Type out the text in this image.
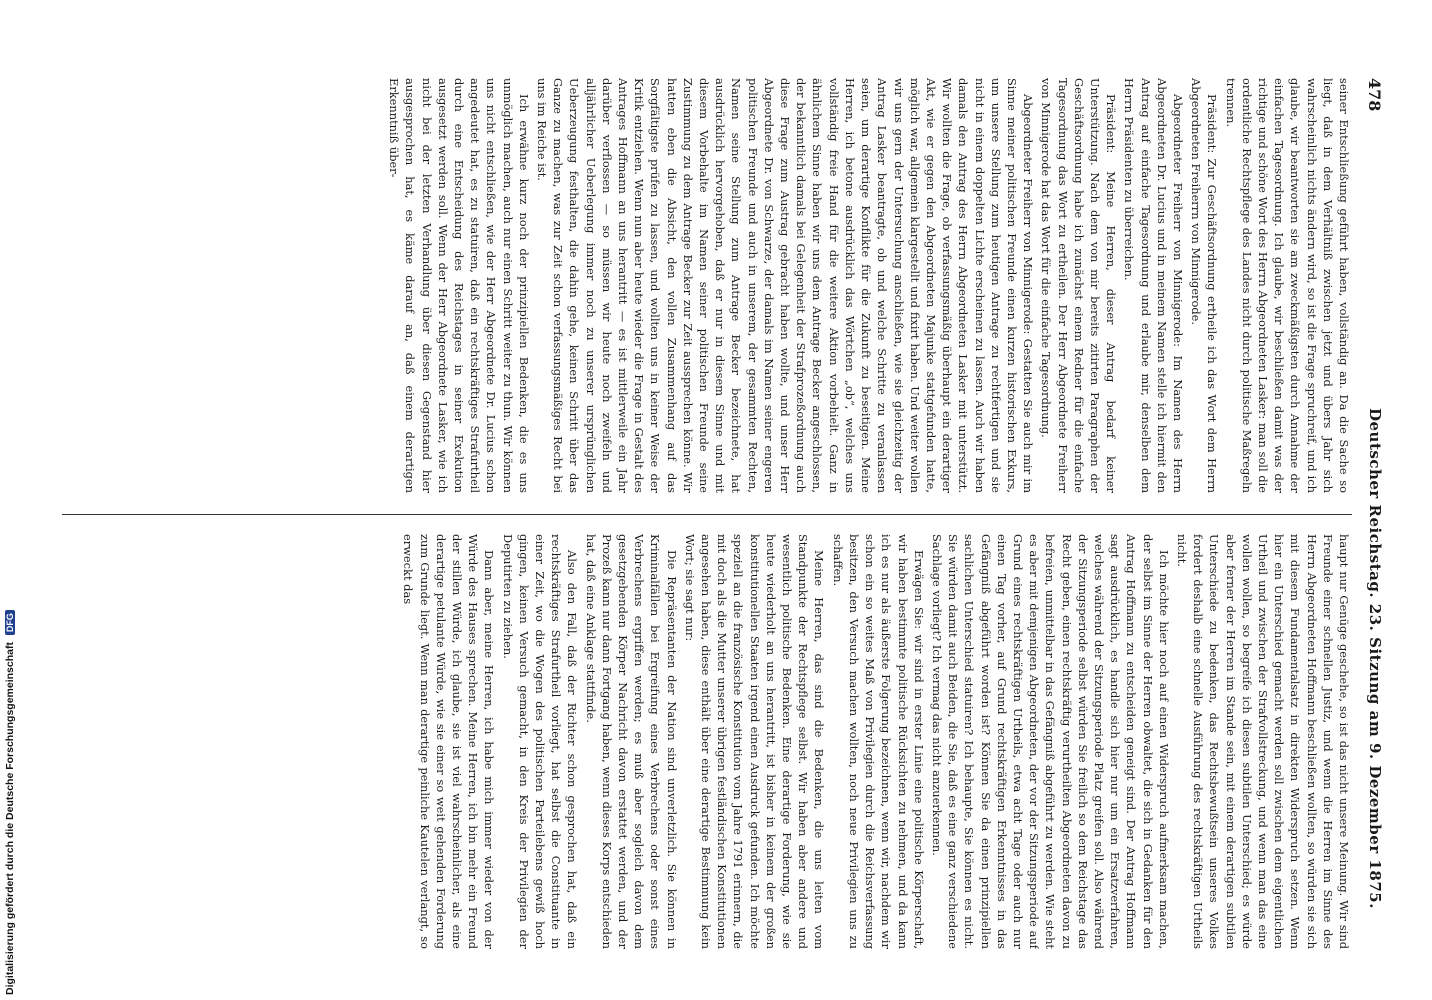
478
Deutscher Reichstag. 23. Sitzung am 9. Dezember 1875.

seiner Entschließung geführt haben, vollständig an. Da die Sache so liegt, daß in dem Verhältniß zwischen jetzt und übers Jahr sich wahrscheinlich nichts ändern wird, so ist die Frage spruchreif, und ich glaube, wir beantworten sie am zweckmäßigsten durch Annahme der einfachen Tagesordnung. Ich glaube, wir beschließen damit was der richtige und schöne Wort des Herrn Abgeordneten Lasker: man soll die ordentliche Rechtspflege des Landes nicht durch politische Maßregeln trennen.

Präsident: Zur Geschäftsordnung ertheile ich das Wort dem Herrn Abgeordneten Freiherrn von Minnigerode.

Abgeordneter Freiherr von Minnigerode: Im Namen des Herrn Abgeordneten Dr. Lucius und in meinem Namen stelle ich hiermit den Antrag auf einfache Tagesordnung und erlaube mir, denselben dem Herrn Präsidenten zu überreichen.

Präsident: Meine Herren, dieser Antrag bedarf keiner Unterstützung. Nach dem von mir bereits zitirten Paragraphen der Geschäftsordnung habe ich zunächst einem Redner für die einfache Tagesordnung das Wort zu ertheilen. Der Herr Abgeordnete Freiherr von Minnigerode hat das Wort für die einfache Tagesordnung.

Abgeordneter Freiherr von Minnigerode: Gestatten Sie auch mir im Sinne meiner politischen Freunde einen kurzen historischen Exkurs, um unsere Stellung zum heutigen Antrage zu rechtfertigen und sie nicht in einem doppelten Lichte erscheinen zu lassen. Auch wir haben damals den Antrag des Herrn Abgeordneten Lasker mit unterstützt. Wir wollten die Frage, ob verfassungsmäßig überhaupt ein derartiger Akt, wie er gegen den Abgeordneten Majunke stattgefunden hatte, möglich war, allgemein klargestellt und fixirt haben. Und weiter wollen wir uns gern der Untersuchung anschließen, wie sie gleichzeitig der Antrag Lasker beantragte, ob und welche Schritte zu veranlassen seien, um derartige Konflikte für die Zukunft zu beseitigen. Meine Herren, ich betone ausdrücklich das Wörtchen „ob“, welches uns vollständig freie Hand für die weitere Aktion vorbehielt. Ganz in ähnlichem Sinne haben wir uns dem Antrage Becker angeschlossen, der bekanntlich damals bei Gelegenheit der Strafprozeßordnung auch diese Frage zum Austrag gebracht haben wollte, und unser Herr Abgeordnete Dr. von Schwarze, der damals im Namen seiner engeren politischen Freunde und auch in unserem, der gesammten Rechten, Namen seine Stellung zum Antrage Becker bezeichnete, hat ausdrücklich hervorgehoben, daß er nur in diesem Sinne und mit diesem Vorbehalte im Namen seiner politischen Freunde seine Zustimmung zu dem Antrage Becker zur Zeit aussprechen könne. Wir hatten eben die Absicht, den vollen Zusammenhang auf das Sorgfältigste prüfen zu lassen, und wollten uns in keiner Weise der Kritik entziehen. Wenn nun aber heute wieder die Frage in Gestalt des Antrages Hoffmann an uns herantritt — es ist mittlerweile ein Jahr darüber verflossen — so müssen wir heute noch zweifeln und alljährlicher Ueberlegung immer noch zu unserer ursprünglichen Ueberzeugung festhalten, die dahin gehe, keinen Schritt über das Ganze zu machen, was zur Zeit schon verfassungsmäßiges Recht bei uns im Reiche ist.

Ich erwähne kurz noch der prinzipiellen Bedenken, die es uns unmöglich machen, auch nur einen Schritt weiter zu thun. Wir können uns nicht entschließen, wie der Herr Abgeordnete Dr. Lucius schon angedeutet hat, es zu statuiren, daß ein rechtskräftiges Strafurtheil durch eine Entscheidung des Reichstages in seiner Exekution ausgesetzt werden soll. Wenn der Herr Abgeordnete Lasker, wie ich nicht bei der letzten Verhandlung über diesen Gegenstand hier ausgesprochen hat, es käme darauf an, daß einem derartigen Erkenntniß über-

haupt nur Genüge geschehe, so ist das nicht unsere Meinung. Wir sind Freunde einer schnellen Justiz, und wenn die Herren im Sinne des Herrn Abgeordneten Hoffmann beschließen wollten, so würden sie sich mit diesem Fundamentalsatz in direkten Widerspruch setzen. Wenn hier ein Unterschied gemacht werden soll zwischen dem eigentlichen Urtheil und zwischen der Strafvollstreckung, und wenn man das eine wollen wollen, so begreife ich diesen subtilen Unterschied; es würde aber ferner der Herren im Stande sein, mit einem derartigen subtilen Unterschiede zu bedenken, das Rechtsbewußtsein unseres Volkes fordert deshalb eine schnelle Ausführung des rechtskräftigen Urtheils nicht.

Ich möchte hier noch auf einen Widerspruch aufmerksam machen, der selbst im Sinne der Herren obwaltet, die sich in Gedanken für den Antrag Hoffmann zu entscheiden geneigt sind. Der Antrag Hoffmann sagt ausdrücklich, es handle sich hier nur um ein Ersatzverfahren, welches während der Sitzungsperiode Platz greifen soll. Also während der Sitzungsperiode selbst würden Sie freilich so dem Reichstage das Recht geben, einen rechtskräftig verurtheilten Abgeordneten davon zu befreien, unmittelbar in das Gefängniß abgeführt zu werden. Wie steht es aber mit demjenigen Abgeordneten, der vor der Sitzungsperiode auf Grund eines rechtskräftigen Urtheils, etwa acht Tage oder auch nur einen Tag vorher, auf Grund rechtskräftigen Erkenntnisses in das Gefängniß abgeführt worden ist? Können Sie da einen prinzipiellen sachlichen Unterschied statuiren? Ich behaupte, Sie können es nicht. Sie würden damit auch Beiden, die Sie, daß es eine ganz verschiedene Sachlage vorliegt? Ich vermag das nicht anzuerkennen.

Erwägen Sie: wir sind in erster Linie eine politische Körperschaft, wir haben bestimmte politische Rücksichten zu nehmen, und da kann ich es nur als äußerste Folgerung bezeichnen, wenn wir, nachdem wir schon ein so weites Maß von Privilegien durch die Reichsverfassung besitzen, den Versuch machen wollten, noch neue Privilegien uns zu schaffen.

Meine Herren, das sind die Bedenken, die uns leiten vom Standpunkte der Rechtspflege selbst. Wir haben aber andere und wesentlich politische Bedenken. Eine derartige Forderung, wie sie heute wiederholt an uns herantritt, ist bisher in keinem der großen konstitutionellen Staaten irgend einen Ausdruck gefunden. Ich möchte speziell an die französische Konstitution vom Jahre 1791 erinnern, die mit doch als die Mutter unserer übrigen festländischen Konstitutionen angesehen haben, diese enthält über eine derartige Bestimmung kein Wort; sie sagt nur:

Die Repräsentanten der Nation sind unverletzlich. Sie können in Kriminalfällen bei Ergreifung eines Verbrechens oder sonst eines Verbrechens ergriffen werden; es muß aber sogleich davon dem gesetzgebenden Körper Nachricht davon erstattet werden, und der Prozeß kann nur dann Fortgang haben, wenn dieses Korps entschieden hat, daß eine Anklage stattfinde.

Also den Fall, daß der Richter schon gesprochen hat, daß ein rechtskräftiges Strafurtheil vorliegt, hat selbst die Constituante in einer Zeit, wo die Wogen des politischen Parteilebens gewiß hoch gingen, keinen Versuch gemacht, in den Kreis der Privilegien der Deputirten zu ziehen.

Dann aber, meine Herren, ich habe mich immer wieder von der Würde des Hauses sprechen. Meine Herren, ich bin mehr ein Freund der stillen Würde, ich glaube, sie ist viel wahrscheinlicher, als eine derartige petulante Würde, wie sie einer so weit gehenden Forderung zum Grunde liegt. Wenn man derartige peinliche Kautelen verlangt, so erweckt das

Digitalisierung gefördert durch die Deutsche Forschungsgemeinschaft DFG
